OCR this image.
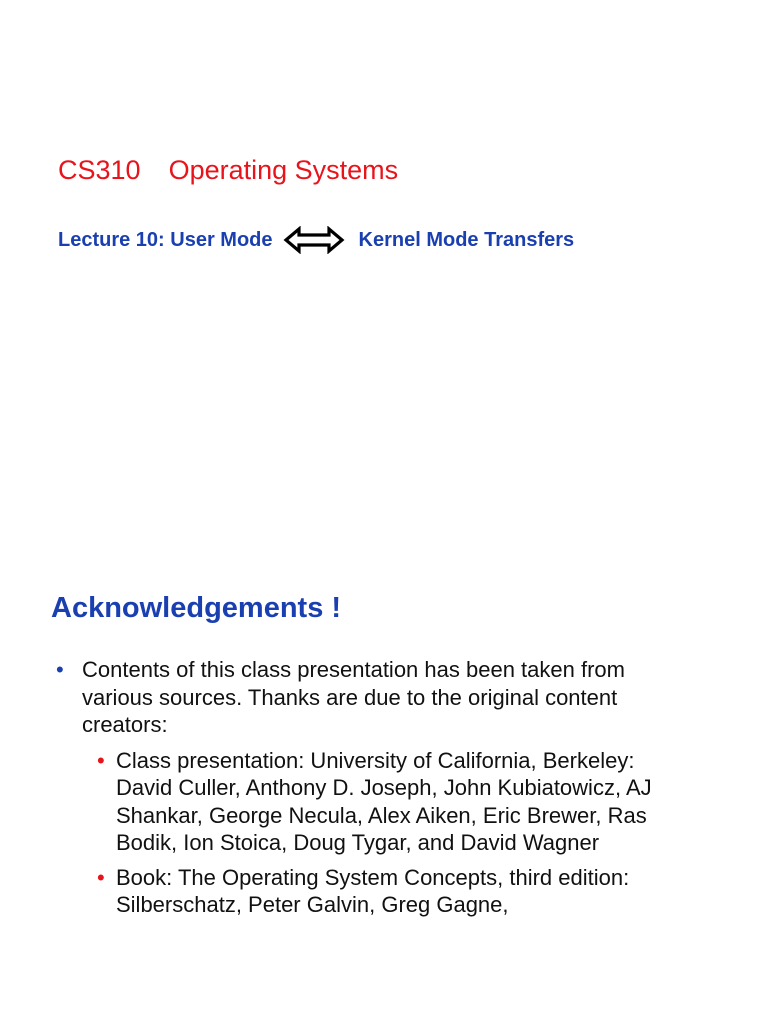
CS310 Operating Systems
Lecture 10: User Mode	Kernel Mode Transfers
Acknowledgements !
• Contents of this class presentation has been taken from various sources. Thanks are due to the original content creators:
• Class presentation: University of California, Berkeley: David Culler, Anthony D. Joseph, John Kubiatowicz, AJ Shankar, George Necula, Alex Aiken, Eric Brewer, Ras Bodik, Ion Stoica, Doug Tygar, and David Wagner
• Book: The Operating System Concepts, third edition: Silberschatz, Peter Galvin, Greg Gagne,
